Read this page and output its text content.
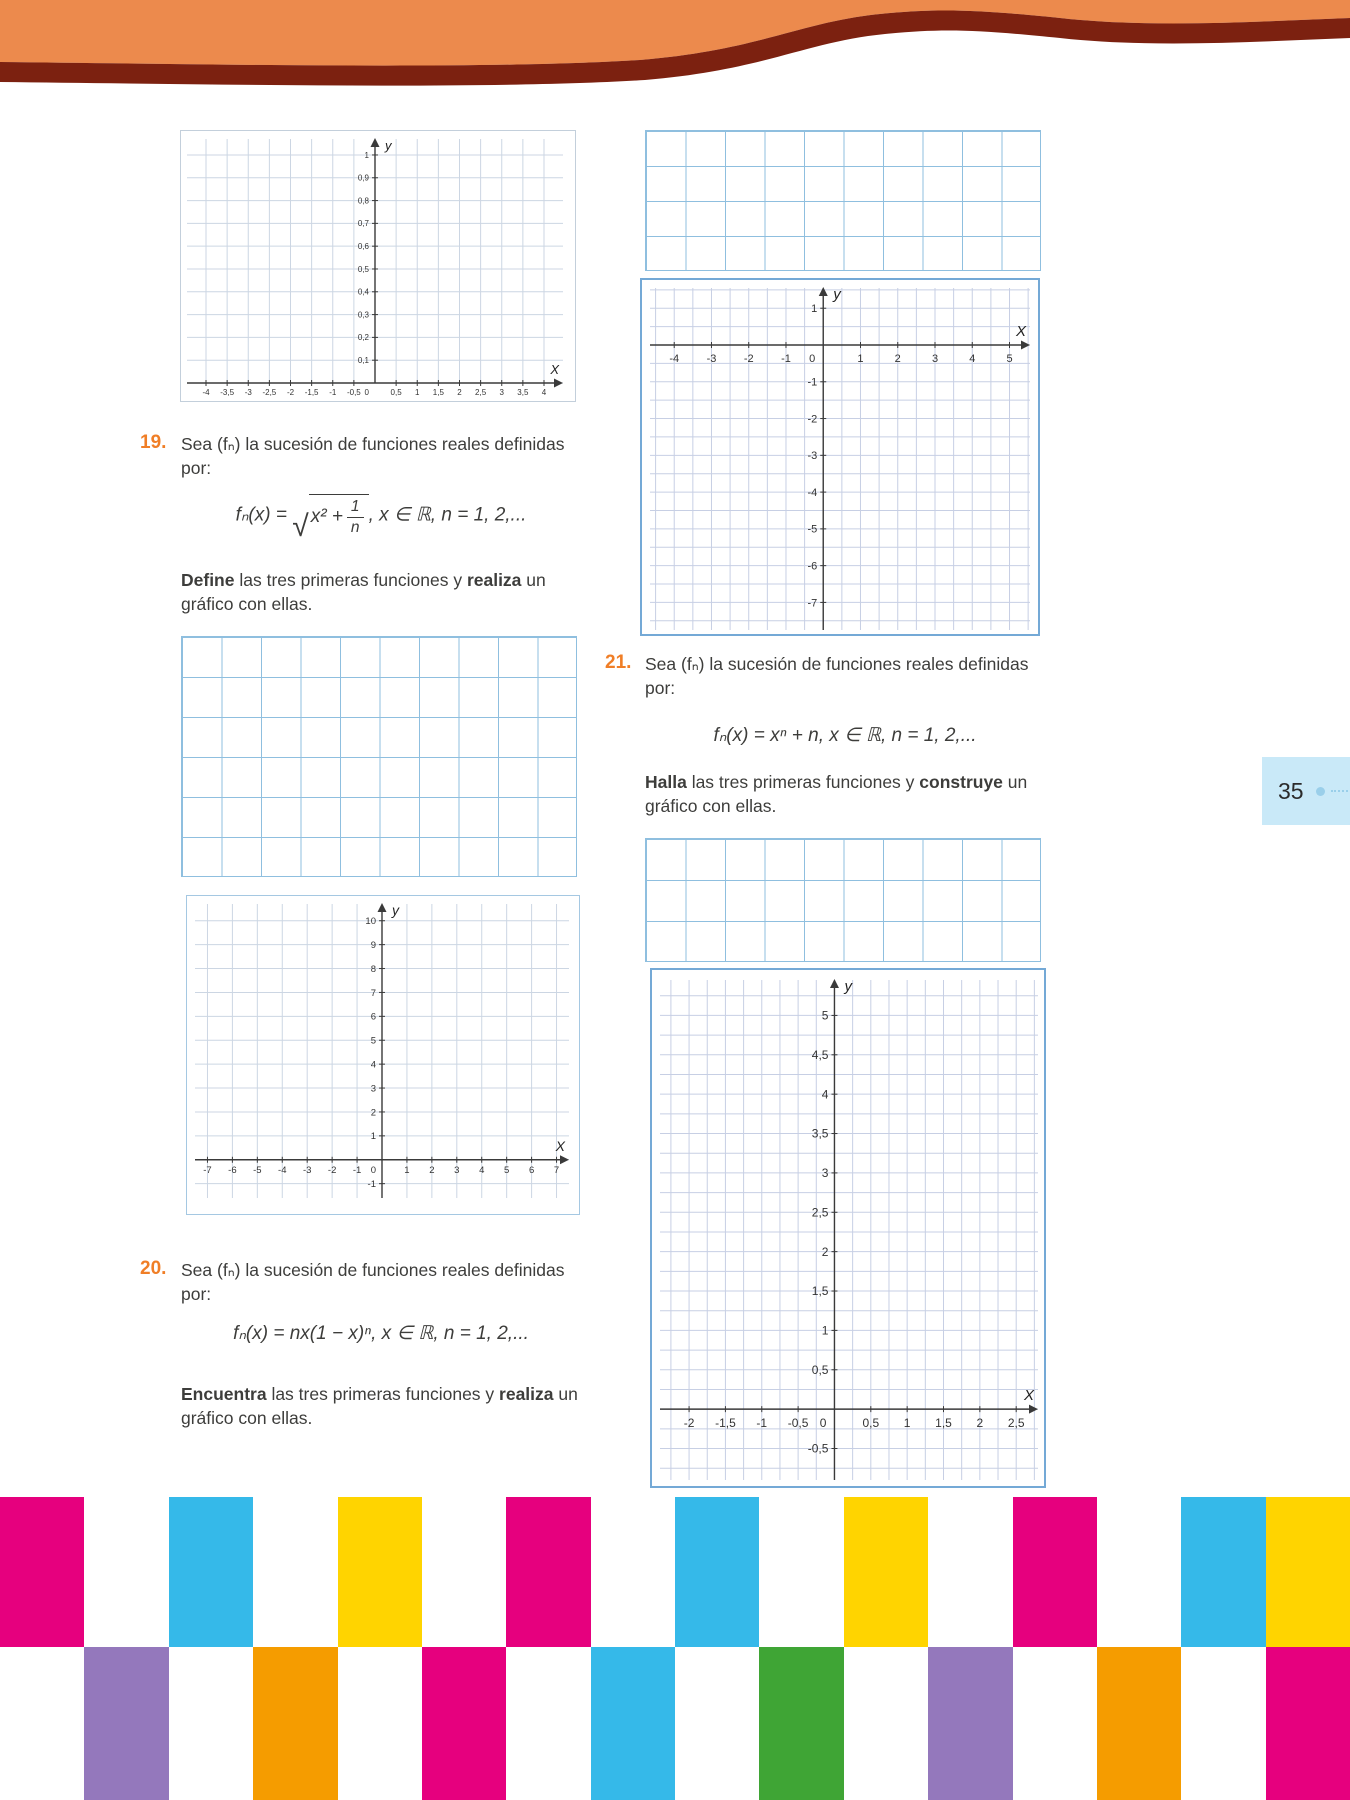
-4 -3,5 -3 -2,5 -2 -1,5 -1 -0,5	0,5 1 1,5 2 2,5 3 3,5 4
0,1
0,2
0,3
0,4
0,5
0,6
0,7
0,8
0,9
1
0
X
y
19. Sea (fₙ) la sucesión de funciones reales definidas por:
fₙ(x) = √ $x^2 + \frac{1}{n}$ , x ∈ ℝ, n = 1, 2,...
Define las tres primeras funciones y realiza un gráfico con ellas.
-7 -6 -5 -4 -3 -2 -1	1 2 3 4 5 6 7
1
2
3
4
5
6
7
8
9
10
-1
0
X
y
20. Sea (fₙ) la sucesión de funciones reales definidas por:
fₙ(x) = nx(1 − x)ⁿ, x ∈ ℝ, n = 1, 2,...
Encuentra las tres primeras funciones y realiza un gráfico con ellas.
-4 -3 -2 -1	1	2	3	4	5
1
-1
-2
-3
-4
-5
-6
-7
0
X
y
21. Sea (fₙ) la sucesión de funciones reales definidas por:
fₙ(x) = xⁿ + n, x ∈ ℝ, n = 1, 2,...
Halla las tres primeras funciones y construye un gráfico con ellas.
35
-2 -1,5 -1 -0,5	0,5 1 1,5 2 2,5
0,5
1
1,5
2
2,5
3
3,5
4
4,5
5
-0,5
0
X
y
